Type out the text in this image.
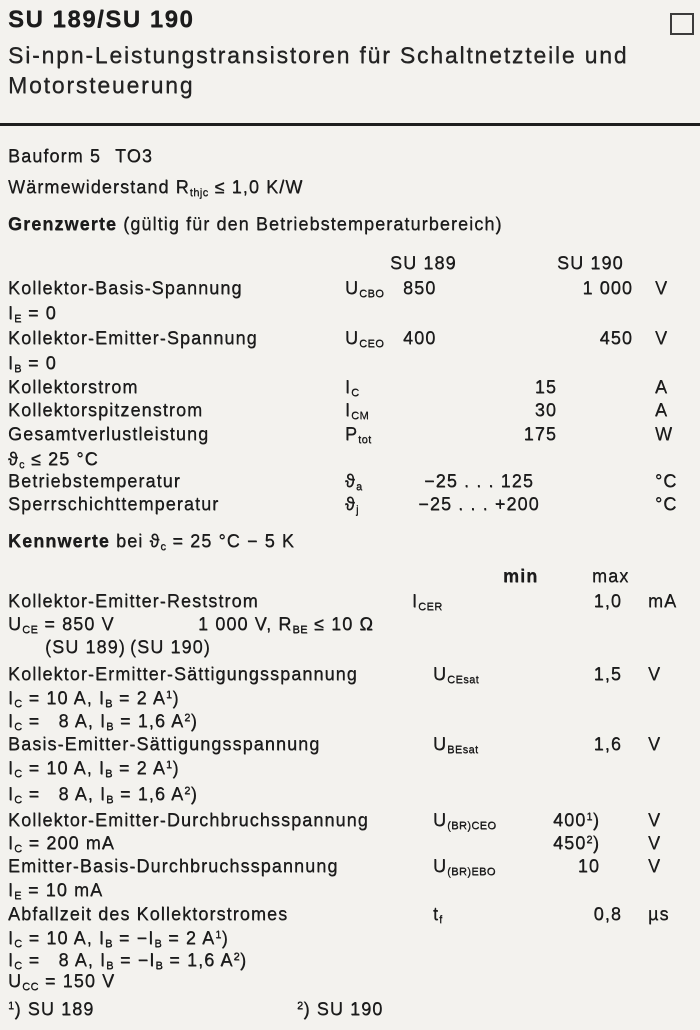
SU 189/SU 190
Si-npn-Leistungstransistoren für Schaltnetzteile und
Motorsteuerung
Bauform 5 TO3
Wärmewiderstand $R_{thjc} \le 1,0$ K/W
Grenzwerte (gültig für den Betriebstemperaturbereich)
SU 189	SU 190
Kollektor-Basis-Spannung	$U_{CBO}$ 850	1 000 V
$I_E = 0$
Kollektor-Emitter-Spannung	$U_{CEO}$ 400	450 V
$I_B = 0$
Kollektorstrom	$I_C$	15	A
Kollektorspitzenstrom	$I_{CM}$	30	A
Gesamtverlustleistung	$P_{tot}$	175	W
$ϑ_c \le 25$ °C
Betriebstemperatur	$ϑ_a$	−25 . . . 125	°C
Sperrschichttemperatur	$ϑ_j$	−25 . . . +200	°C
Kennwerte bei $ϑ_c = 25$ °C − 5 K
min	max
Kollektor-Emitter-Reststrom	$I_{CER}$	1,0 mA
$U_{CE} = 850$ V	1 000 V, $R_{BE} \le 10$ Ω
(SU 189) (SU 190)
Kollektor-Ermitter-Sättigungsspannung	$U_{CEsat}$	1,5 V
$I_C = 10$ A, $I_B = 2$ $A^1$)
$I_C = 8$ A, $I_B = 1,6$ $A^2$)
Basis-Emitter-Sättigungsspannung	$U_{BEsat}$	1,6 V
$I_C = 10$ A, $I_B = 2$ $A^1$)
$I_C = 8$ A, $I_B = 1,6$ $A^2$)
Kollektor-Emitter-Durchbruchsspannung	$U_{(BR)CEO}$	$400^1$)	V
$I_C = 200$ mA	$450^2$)	V
Emitter-Basis-Durchbruchsspannung	$U_{(BR)EBO}$	10	V
$I_E = 10$ mA
Abfallzeit des Kollektorstromes	$t_f$	0,8 µs
$I_C = 10$ A, $I_B = -I_B = 2$ $A^1$)
$I_C = 8$ A, $I_B = -I_B = 1,6$ $A^2$)
$U_{CC} = 150$ V
$^1$) SU 189	$^2$) SU 190
